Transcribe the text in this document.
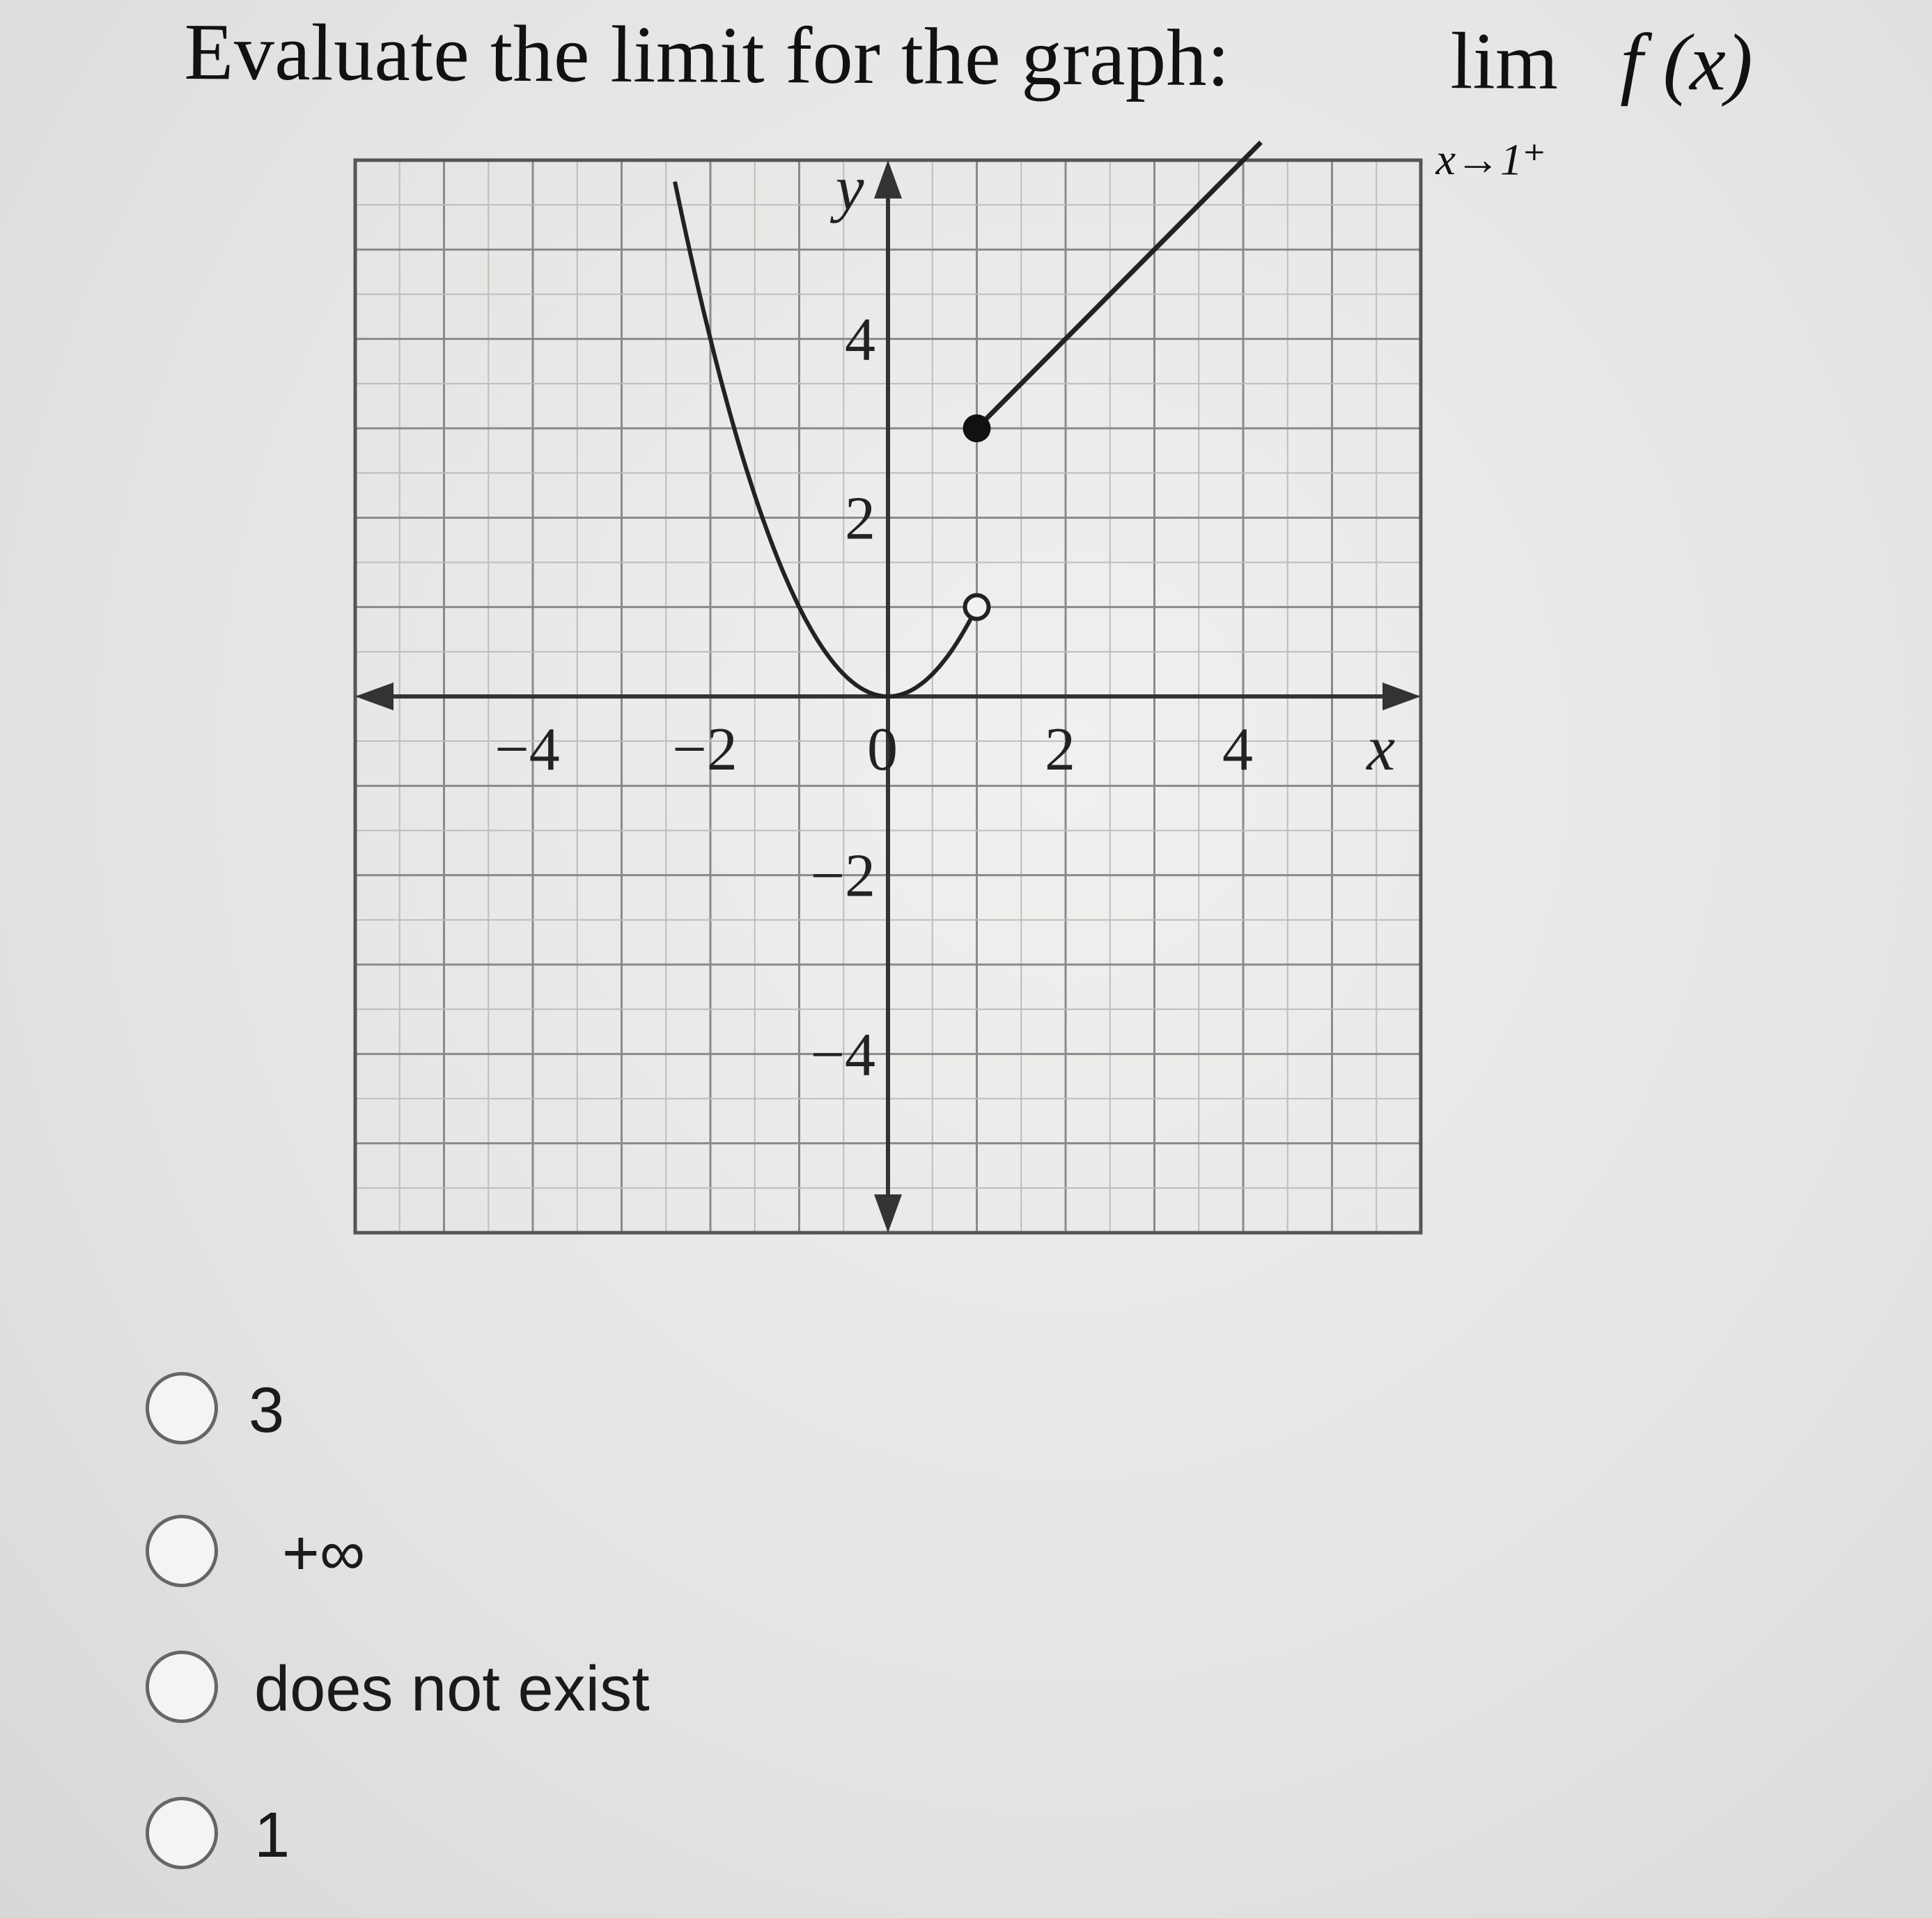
Evaluate the limit for the graph:	lim
x→1⁺
f (x)
−4 −2 0 2 4
4
2
−2
−4
x
y
3
+∞
does not exist
1
